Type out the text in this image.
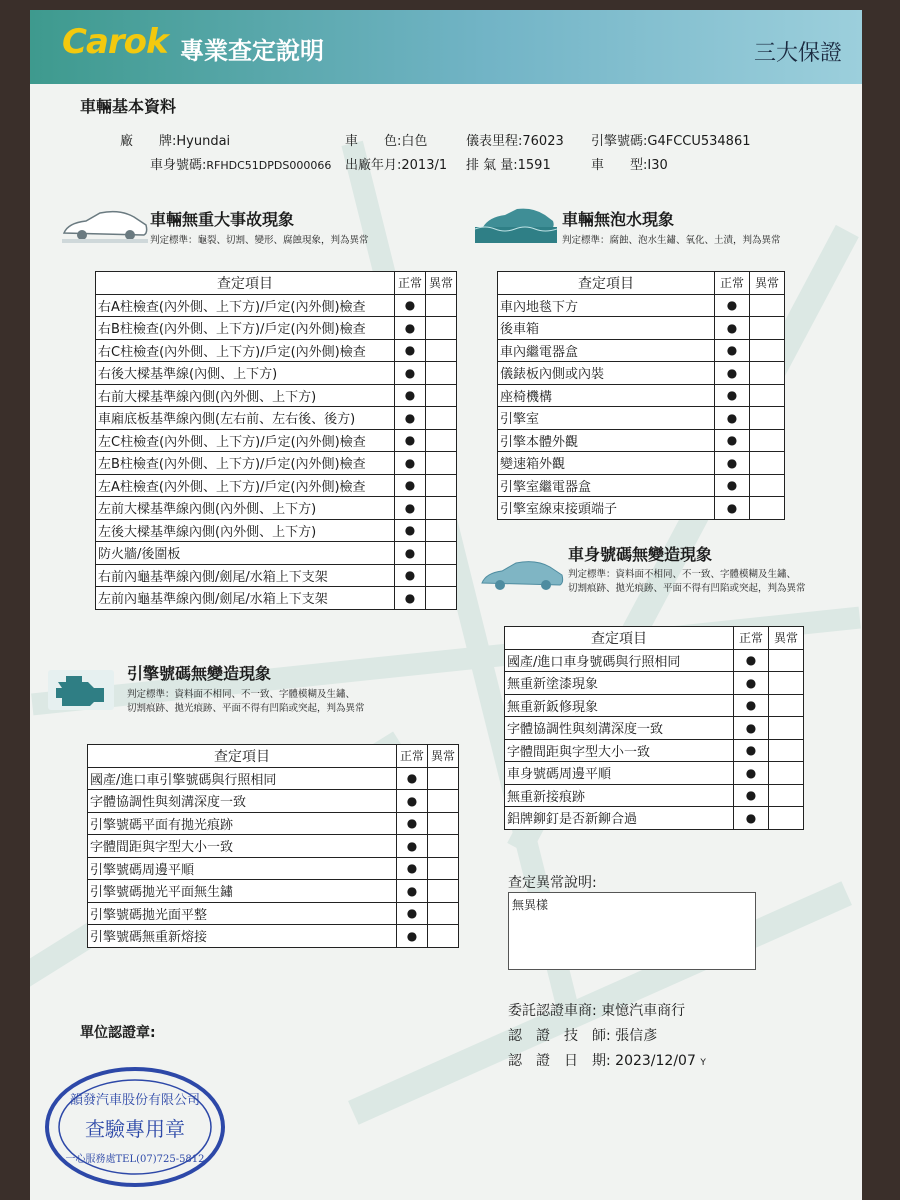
Carok 專業查定說明	三大保證
車輛基本資料
廠　　牌:Hyundai	車　　色:白色	儀表里程:76023 引擎號碼:G4FCCU534861
車身號碼:RFHDC51DPDS000066 出廠年月:2013/1 排 氣 量:1591	車　　型:I30
車輛無重大事故現象
判定標準：龜裂、切割、變形、腐蝕現象，判為異常
查定項目	正常	異常
右A柱檢查(內外側、上下方)/戶定(內外側)檢查	●	
右B柱檢查(內外側、上下方)/戶定(內外側)檢查	●	
右C柱檢查(內外側、上下方)/戶定(內外側)檢查	●	
右後大樑基準線(內側、上下方)	●	
右前大樑基準線內側(內外側、上下方)	●	
車廂底板基準線內側(左右前、左右後、後方)	●	
左C柱檢查(內外側、上下方)/戶定(內外側)檢查	●	
左B柱檢查(內外側、上下方)/戶定(內外側)檢查	●	
左A柱檢查(內外側、上下方)/戶定(內外側)檢查	●	
左前大樑基準線內側(內外側、上下方)	●	
左後大樑基準線內側(內外側、上下方)	●	
防火牆/後圍板	●	
右前內龜基準線內側/劍尾/水箱上下支架	●	
左前內龜基準線內側/劍尾/水箱上下支架	●	
車輛無泡水現象
判定標準：腐蝕、泡水生鏽、氧化、土漬，判為異常
查定項目	正常	異常
車內地毯下方	●	
後車箱	●	
車內繼電器盒	●	
儀錶板內側或內裝	●	
座椅機構	●	
引擎室	●	
引擎本體外觀	●	
變速箱外觀	●	
引擎室繼電器盒	●	
引擎室線束接頭端子	●	
車身號碼無變造現象
判定標準：資料面不相同、不一致、字體模糊及生鏽、
切割痕跡、拋光痕跡、平面不得有凹陷或突起，判為異常
查定項目	正常	異常
國產/進口車身號碼與行照相同	●	
無重新塗漆現象	●	
無重新鈑修現象	●	
字體協調性與刻溝深度一致	●	
字體間距與字型大小一致	●	
車身號碼周邊平順	●	
無重新接痕跡	●	
鋁牌鉚釘是否新鉚合過	●	
引擎號碼無變造現象
判定標準：資料面不相同、不一致、字體模糊及生鏽、
切割痕跡、拋光痕跡、平面不得有凹陷或突起，判為異常
查定項目	正常	異常
國產/進口車引擎號碼與行照相同	●	
字體協調性與刻溝深度一致	●	
引擎號碼平面有拋光痕跡	●	
字體間距與字型大小一致	●	
引擎號碼周邊平順	●	
引擎號碼拋光平面無生鏽	●	
引擎號碼拋光面平整	●	
引擎號碼無重新熔接	●	
查定異常說明:
無異樣
委託認證車商: 東憶汽車商行
認　證　技　師: 張信彥
認　證　日　期: 2023/12/07 Y
單位認證章:
韻發汽車股份有限公司
查驗專用章
一心服務處TEL(07)725-5812
